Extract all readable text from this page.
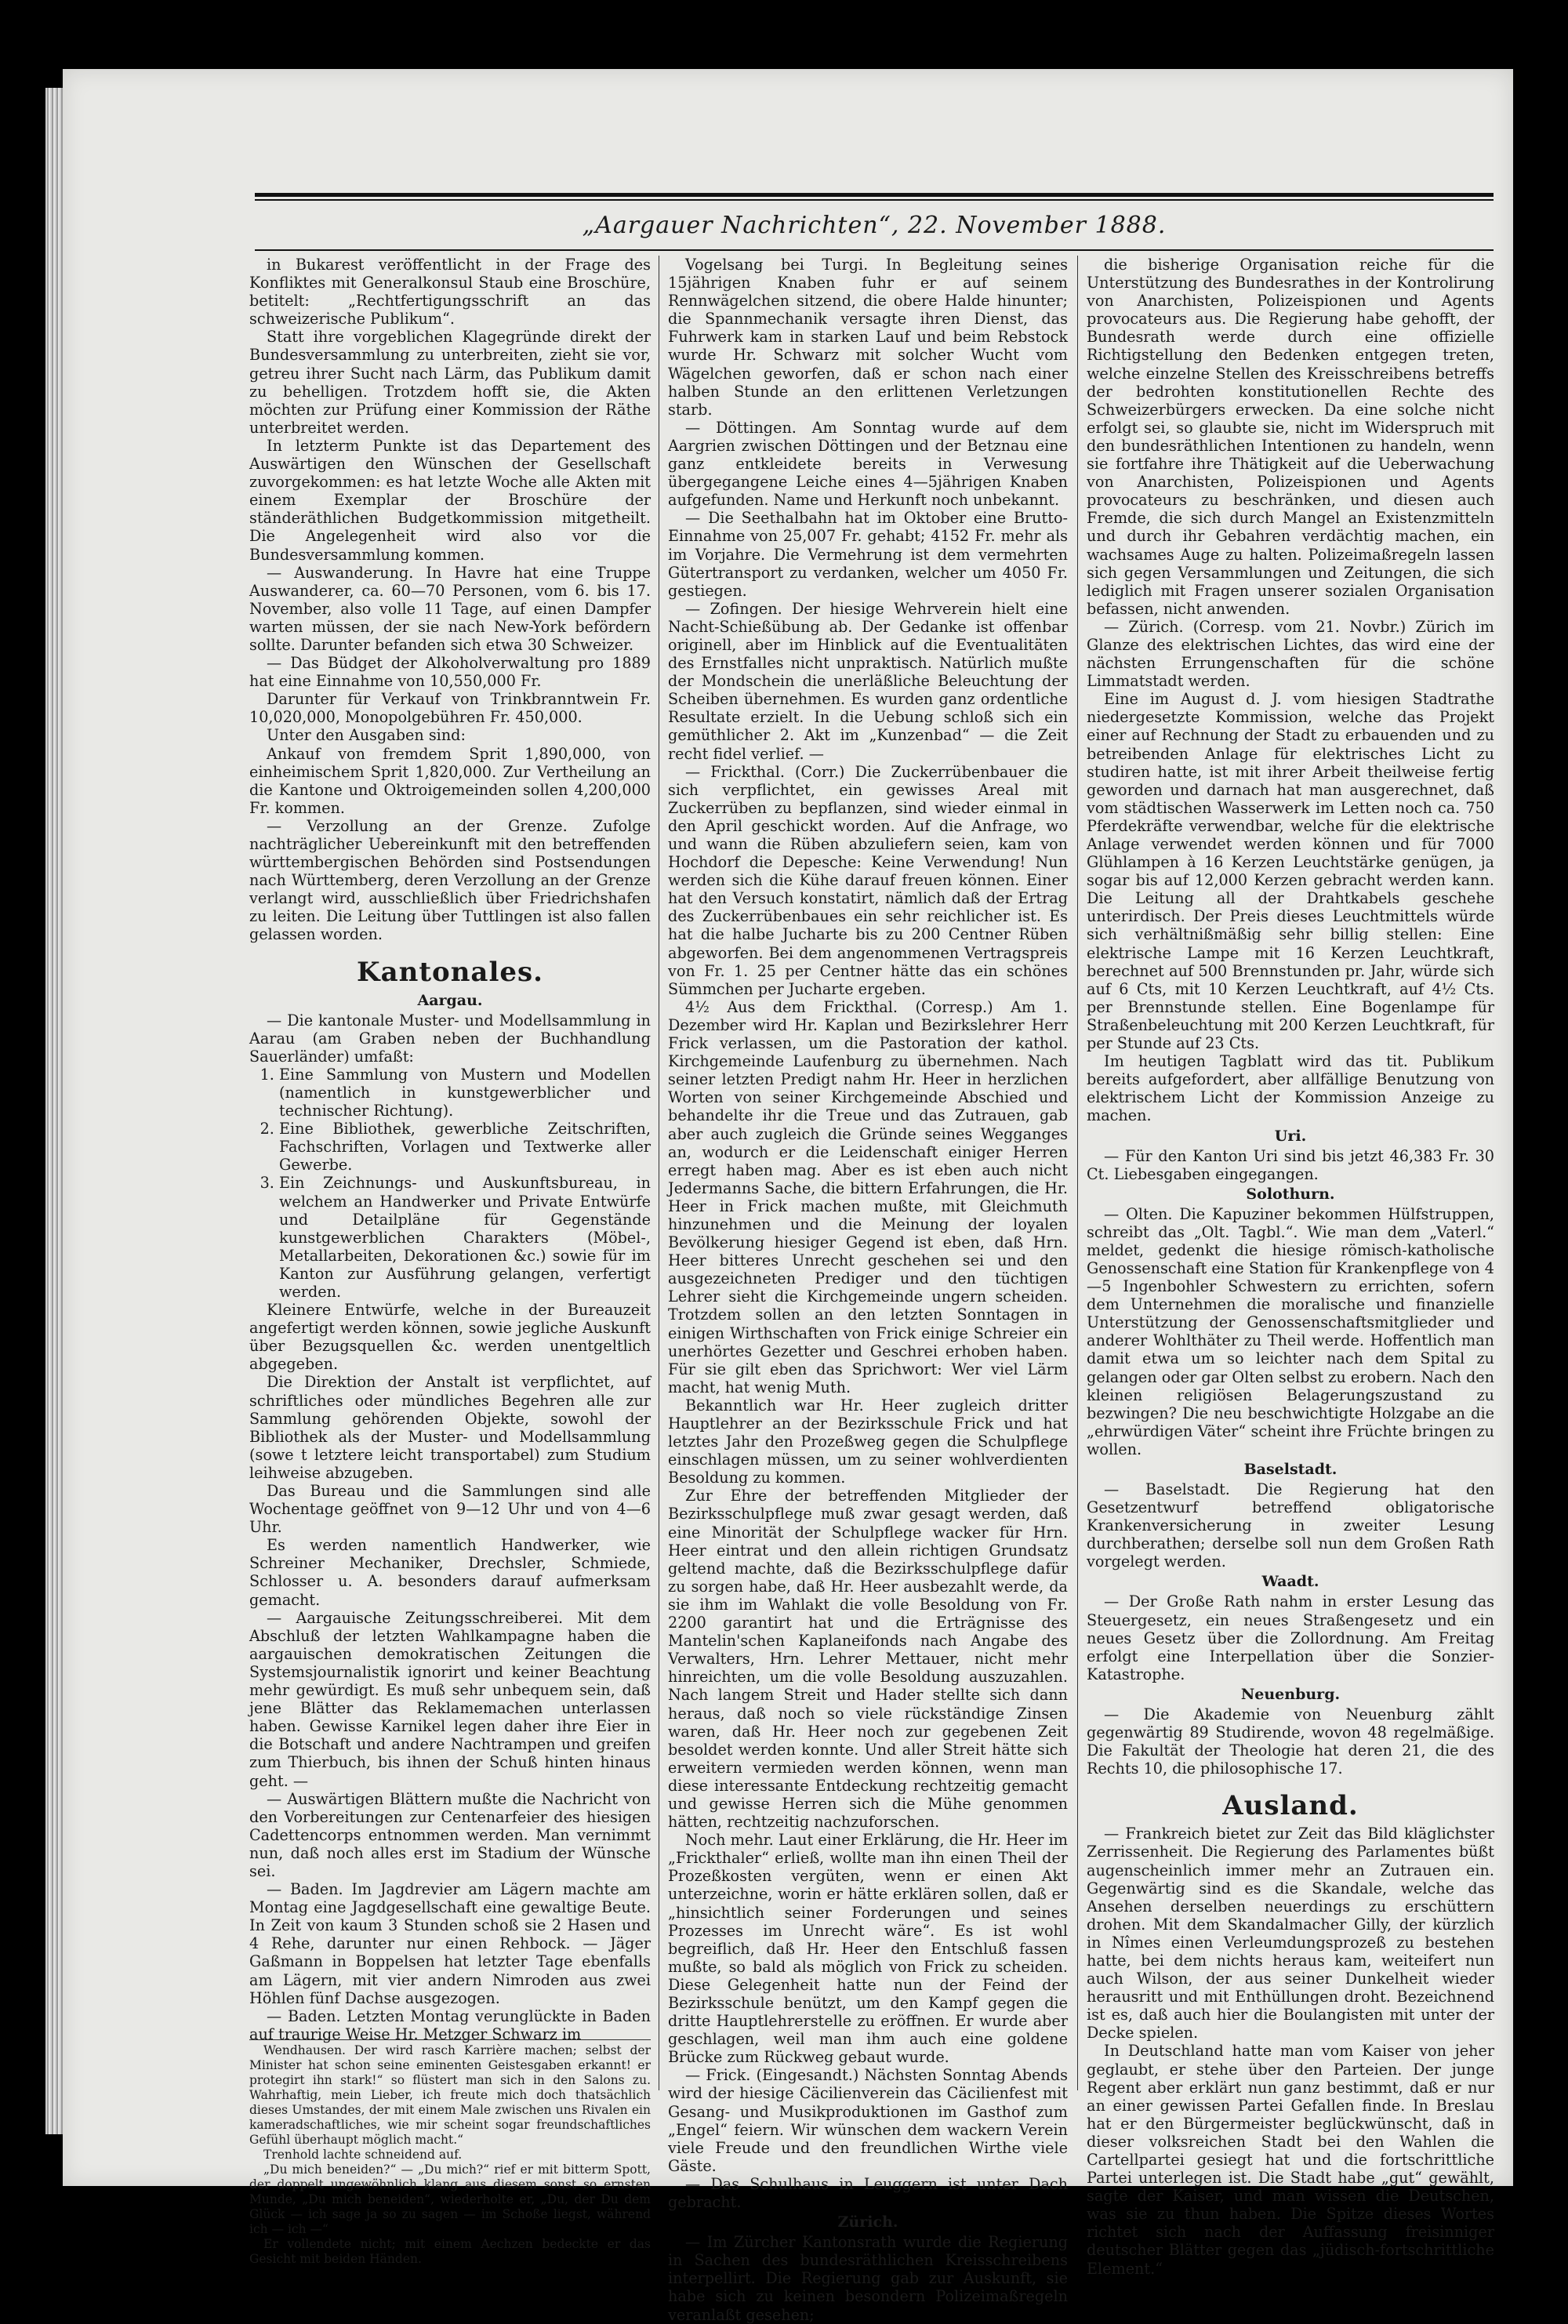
„Aargauer Nachrichten“, 22. November 1888.

in Bukarest veröffentlicht in der Frage des Konfliktes mit Generalkonsul Staub eine Broschüre, betitelt: „Rechtfertigungsschrift an das schweizerische Publikum“.

Statt ihre vorgeblichen Klagegründe direkt der Bundesversammlung zu unterbreiten, zieht sie vor, getreu ihrer Sucht nach Lärm, das Publikum damit zu behelligen. Trotzdem hofft sie, die Akten möchten zur Prüfung einer Kommission der Räthe unterbreitet werden.

In letzterm Punkte ist das Departement des Auswärtigen den Wünschen der Gesellschaft zuvorgekommen: es hat letzte Woche alle Akten mit einem Exemplar der Broschüre der ständeräthlichen Budgetkommission mitgetheilt. Die Angelegenheit wird also vor die Bundesversammlung kommen.

— Auswanderung. In Havre hat eine Truppe Auswanderer, ca. 60—70 Personen, vom 6. bis 17. November, also volle 11 Tage, auf einen Dampfer warten müssen, der sie nach New-York befördern sollte. Darunter befanden sich etwa 30 Schweizer.

— Das Büdget der Alkoholverwaltung pro 1889 hat eine Einnahme von 10,550,000 Fr.

Darunter für Verkauf von Trinkbranntwein Fr. 10,020,000, Monopolgebühren Fr. 450,000.

Unter den Ausgaben sind:

Ankauf von fremdem Sprit 1,890,000, von einheimischem Sprit 1,820,000. Zur Vertheilung an die Kantone und Oktroigemeinden sollen 4,200,000 Fr. kommen.

— Verzollung an der Grenze. Zufolge nachträglicher Uebereinkunft mit den betreffenden württembergischen Behörden sind Postsendungen nach Württemberg, deren Verzollung an der Grenze verlangt wird, ausschließlich über Friedrichshafen zu leiten. Die Leitung über Tuttlingen ist also fallen gelassen worden.

Kantonales.
Aargau.

— Die kantonale Muster- und Modellsammlung in Aarau (am Graben neben der Buchhandlung Sauerländer) umfaßt:

1. Eine Sammlung von Mustern und Modellen (namentlich in kunstgewerblicher und technischer Richtung).
2. Eine Bibliothek, gewerbliche Zeitschriften, Fachschriften, Vorlagen und Textwerke aller Gewerbe.
3. Ein Zeichnungs- und Auskunftsbureau, in welchem an Handwerker und Private Entwürfe und Detailpläne für Gegenstände kunstgewerblichen Charakters (Möbel-, Metallarbeiten, Dekorationen &c.) sowie für im Kanton zur Ausführung gelangen, verfertigt werden.

Kleinere Entwürfe, welche in der Bureauzeit angefertigt werden können, sowie jegliche Auskunft über Bezugsquellen &c. werden unentgeltlich abgegeben.

Die Direktion der Anstalt ist verpflichtet, auf schriftliches oder mündliches Begehren alle zur Sammlung gehörenden Objekte, sowohl der Bibliothek als der Muster- und Modellsammlung (sowe t letztere leicht transportabel) zum Studium leihweise abzugeben.

Das Bureau und die Sammlungen sind alle Wochentage geöffnet von 9—12 Uhr und von 4—6 Uhr.

Es werden namentlich Handwerker, wie Schreiner Mechaniker, Drechsler, Schmiede, Schlosser u. A. besonders darauf aufmerksam gemacht.

— Aargauische Zeitungsschreiberei. Mit dem Abschluß der letzten Wahlkampagne haben die aargauischen demokratischen Zeitungen die Systemsjournalistik ignorirt und keiner Beachtung mehr gewürdigt. Es muß sehr unbequem sein, daß jene Blätter das Reklamemachen unterlassen haben. Gewisse Karnikel legen daher ihre Eier in die Botschaft und andere Nachtrampen und greifen zum Thierbuch, bis ihnen der Schuß hinten hinaus geht. —

— Auswärtigen Blättern mußte die Nachricht von den Vorbereitungen zur Centenarfeier des hiesigen Cadettencorps entnommen werden. Man vernimmt nun, daß noch alles erst im Stadium der Wünsche sei.

— Baden. Im Jagdrevier am Lägern machte am Montag eine Jagdgesellschaft eine gewaltige Beute. In Zeit von kaum 3 Stunden schoß sie 2 Hasen und 4 Rehe, darunter nur einen Rehbock. — Jäger Gaßmann in Boppelsen hat letzter Tage ebenfalls am Lägern, mit vier andern Nimroden aus zwei Höhlen fünf Dachse ausgezogen.

— Baden. Letzten Montag verunglückte in Baden auf traurige Weise Hr. Metzger Schwarz im

Wendhausen. Der wird rasch Karrière machen; selbst der Minister hat schon seine eminenten Geistesgaben erkannt! er protegirt ihn stark!“ so flüstert man sich in den Salons zu. Wahrhaftig, mein Lieber, ich freute mich doch thatsächlich dieses Umstandes, der mit einem Male zwischen uns Rivalen ein kameradschaftliches, wie mir scheint sogar freundschaftliches Gefühl überhaupt möglich macht.“

Trenhold lachte schneidend auf.

„Du mich beneiden?“ — „Du mich?“ rief er mit bitterm Spott, der doppelt ungewöhnlich klang aus diesem sonst so ernsten Munde, „Du mich beneiden“, wiederholte er, „Du, der Du dem Glück — ich sage ja so zu sagen — im Schoße liegst, während ich — ich —“

Er vollendete nicht; mit einem Aechzen bedeckte er das Gesicht mit beiden Händen.

Vogelsang bei Turgi. In Begleitung seines 15jährigen Knaben fuhr er auf seinem Rennwägelchen sitzend, die obere Halde hinunter; die Spannmechanik versagte ihren Dienst, das Fuhrwerk kam in starken Lauf und beim Rebstock wurde Hr. Schwarz mit solcher Wucht vom Wägelchen geworfen, daß er schon nach einer halben Stunde an den erlittenen Verletzungen starb.

— Döttingen. Am Sonntag wurde auf dem Aargrien zwischen Döttingen und der Betznau eine ganz entkleidete bereits in Verwesung übergegangene Leiche eines 4—5jährigen Knaben aufgefunden. Name und Herkunft noch unbekannt.

— Die Seethalbahn hat im Oktober eine Brutto-Einnahme von 25,007 Fr. gehabt; 4152 Fr. mehr als im Vorjahre. Die Vermehrung ist dem vermehrten Gütertransport zu verdanken, welcher um 4050 Fr. gestiegen.

— Zofingen. Der hiesige Wehrverein hielt eine Nacht-Schießübung ab. Der Gedanke ist offenbar originell, aber im Hinblick auf die Eventualitäten des Ernstfalles nicht unpraktisch. Natürlich mußte der Mondschein die unerläßliche Beleuchtung der Scheiben übernehmen. Es wurden ganz ordentliche Resultate erzielt. In die Uebung schloß sich ein gemüthlicher 2. Akt im „Kunzenbad“ — die Zeit recht fidel verlief. —

— Frickthal. (Corr.) Die Zuckerrübenbauer die sich verpflichtet, ein gewisses Areal mit Zuckerrüben zu bepflanzen, sind wieder einmal in den April geschickt worden. Auf die Anfrage, wo und wann die Rüben abzuliefern seien, kam von Hochdorf die Depesche: Keine Verwendung! Nun werden sich die Kühe darauf freuen können. Einer hat den Versuch konstatirt, nämlich daß der Ertrag des Zuckerrübenbaues ein sehr reichlicher ist. Es hat die halbe Jucharte bis zu 200 Centner Rüben abgeworfen. Bei dem angenommenen Vertragspreis von Fr. 1. 25 per Centner hätte das ein schönes Sümmchen per Jucharte ergeben.

4½ Aus dem Frickthal. (Corresp.) Am 1. Dezember wird Hr. Kaplan und Bezirkslehrer Herr Frick verlassen, um die Pastoration der kathol. Kirchgemeinde Laufenburg zu übernehmen. Nach seiner letzten Predigt nahm Hr. Heer in herzlichen Worten von seiner Kirchgemeinde Abschied und behandelte ihr die Treue und das Zutrauen, gab aber auch zugleich die Gründe seines Wegganges an, wodurch er die Leidenschaft einiger Herren erregt haben mag. Aber es ist eben auch nicht Jedermanns Sache, die bittern Erfahrungen, die Hr. Heer in Frick machen mußte, mit Gleichmuth hinzunehmen und die Meinung der loyalen Bevölkerung hiesiger Gegend ist eben, daß Hrn. Heer bitteres Unrecht geschehen sei und den ausgezeichneten Prediger und den tüchtigen Lehrer sieht die Kirchgemeinde ungern scheiden. Trotzdem sollen an den letzten Sonntagen in einigen Wirthschaften von Frick einige Schreier ein unerhörtes Gezetter und Geschrei erhoben haben. Für sie gilt eben das Sprichwort: Wer viel Lärm macht, hat wenig Muth.

Bekanntlich war Hr. Heer zugleich dritter Hauptlehrer an der Bezirksschule Frick und hat letztes Jahr den Prozeßweg gegen die Schulpflege einschlagen müssen, um zu seiner wohlverdienten Besoldung zu kommen.

Zur Ehre der betreffenden Mitglieder der Bezirksschulpflege muß zwar gesagt werden, daß eine Minorität der Schulpflege wacker für Hrn. Heer eintrat und den allein richtigen Grundsatz geltend machte, daß die Bezirksschulpflege dafür zu sorgen habe, daß Hr. Heer ausbezahlt werde, da sie ihm im Wahlakt die volle Besoldung von Fr. 2200 garantirt hat und die Erträgnisse des Mantelin'schen Kaplaneifonds nach Angabe des Verwalters, Hrn. Lehrer Mettauer, nicht mehr hinreichten, um die volle Besoldung auszuzahlen. Nach langem Streit und Hader stellte sich dann heraus, daß noch so viele rückständige Zinsen waren, daß Hr. Heer noch zur gegebenen Zeit besoldet werden konnte. Und aller Streit hätte sich erweitern vermieden werden können, wenn man diese interessante Entdeckung rechtzeitig gemacht und gewisse Herren sich die Mühe genommen hätten, rechtzeitig nachzuforschen.

Noch mehr. Laut einer Erklärung, die Hr. Heer im „Frickthaler“ erließ, wollte man ihn einen Theil der Prozeßkosten vergüten, wenn er einen Akt unterzeichne, worin er hätte erklären sollen, daß er „hinsichtlich seiner Forderungen und seines Prozesses im Unrecht wäre“. Es ist wohl begreiflich, daß Hr. Heer den Entschluß fassen mußte, so bald als möglich von Frick zu scheiden. Diese Gelegenheit hatte nun der Feind der Bezirksschule benützt, um den Kampf gegen die dritte Hauptlehrerstelle zu eröffnen. Er wurde aber geschlagen, weil man ihm auch eine goldene Brücke zum Rückweg gebaut wurde.

— Frick. (Eingesandt.) Nächsten Sonntag Abends wird der hiesige Cäcilienverein das Cäcilienfest mit Gesang- und Musikproduktionen im Gasthof zum „Engel“ feiern. Wir wünschen dem wackern Verein viele Freude und den freundlichen Wirthe viele Gäste.

— Das Schulhaus in Leuggern ist unter Dach gebracht.

Zürich.

— Im Zürcher Kantonsrath wurde die Regierung in Sachen des bundesräthlichen Kreisschreibens interpellirt. Die Regierung gab zur Auskunft, sie habe sich zu keinen besondern Polizeimaßregeln veranlaßt gesehen;

die bisherige Organisation reiche für die Unterstützung des Bundesrathes in der Kontrolirung von Anarchisten, Polizeispionen und Agents provocateurs aus. Die Regierung habe gehofft, der Bundesrath werde durch eine offizielle Richtigstellung den Bedenken entgegen treten, welche einzelne Stellen des Kreisschreibens betreffs der bedrohten konstitutionellen Rechte des Schweizerbürgers erwecken. Da eine solche nicht erfolgt sei, so glaubte sie, nicht im Widerspruch mit den bundesräthlichen Intentionen zu handeln, wenn sie fortfahre ihre Thätigkeit auf die Ueberwachung von Anarchisten, Polizeispionen und Agents provocateurs zu beschränken, und diesen auch Fremde, die sich durch Mangel an Existenzmitteln und durch ihr Gebahren verdächtig machen, ein wachsames Auge zu halten. Polizeimaßregeln lassen sich gegen Versammlungen und Zeitungen, die sich lediglich mit Fragen unserer sozialen Organisation befassen, nicht anwenden.

— Zürich. (Corresp. vom 21. Novbr.) Zürich im Glanze des elektrischen Lichtes, das wird eine der nächsten Errungenschaften für die schöne Limmatstadt werden.

Eine im August d. J. vom hiesigen Stadtrathe niedergesetzte Kommission, welche das Projekt einer auf Rechnung der Stadt zu erbauenden und zu betreibenden Anlage für elektrisches Licht zu studiren hatte, ist mit ihrer Arbeit theilweise fertig geworden und darnach hat man ausgerechnet, daß vom städtischen Wasserwerk im Letten noch ca. 750 Pferdekräfte verwendbar, welche für die elektrische Anlage verwendet werden können und für 7000 Glühlampen à 16 Kerzen Leuchtstärke genügen, ja sogar bis auf 12,000 Kerzen gebracht werden kann. Die Leitung all der Drahtkabels geschehe unterirdisch. Der Preis dieses Leuchtmittels würde sich verhältnißmäßig sehr billig stellen: Eine elektrische Lampe mit 16 Kerzen Leuchtkraft, berechnet auf 500 Brennstunden pr. Jahr, würde sich auf 6 Cts, mit 10 Kerzen Leuchtkraft, auf 4½ Cts. per Brennstunde stellen. Eine Bogenlampe für Straßenbeleuchtung mit 200 Kerzen Leuchtkraft, für per Stunde auf 23 Cts.

Im heutigen Tagblatt wird das tit. Publikum bereits aufgefordert, aber allfällige Benutzung von elektrischem Licht der Kommission Anzeige zu machen.

Uri.

— Für den Kanton Uri sind bis jetzt 46,383 Fr. 30 Ct. Liebesgaben eingegangen.

Solothurn.

— Olten. Die Kapuziner bekommen Hülfstruppen, schreibt das „Olt. Tagbl.“. Wie man dem „Vaterl.“ meldet, gedenkt die hiesige römisch-katholische Genossenschaft eine Station für Krankenpflege von 4—5 Ingenbohler Schwestern zu errichten, sofern dem Unternehmen die moralische und finanzielle Unterstützung der Genossenschaftsmitglieder und anderer Wohlthäter zu Theil werde. Hoffentlich man damit etwa um so leichter nach dem Spital zu gelangen oder gar Olten selbst zu erobern. Nach den kleinen religiösen Belagerungszustand zu bezwingen? Die neu beschwichtigte Holzgabe an die „ehrwürdigen Väter“ scheint ihre Früchte bringen zu wollen.

Baselstadt.

— Baselstadt. Die Regierung hat den Gesetzentwurf betreffend obligatorische Krankenversicherung in zweiter Lesung durchberathen; derselbe soll nun dem Großen Rath vorgelegt werden.

Waadt.

— Der Große Rath nahm in erster Lesung das Steuergesetz, ein neues Straßengesetz und ein neues Gesetz über die Zollordnung. Am Freitag erfolgt eine Interpellation über die Sonzier-Katastrophe.

Neuenburg.

— Die Akademie von Neuenburg zählt gegenwärtig 89 Studirende, wovon 48 regelmäßige. Die Fakultät der Theologie hat deren 21, die des Rechts 10, die philosophische 17.

Ausland.

— Frankreich bietet zur Zeit das Bild kläglichster Zerrissenheit. Die Regierung des Parlamentes büßt augenscheinlich immer mehr an Zutrauen ein. Gegenwärtig sind es die Skandale, welche das Ansehen derselben neuerdings zu erschüttern drohen. Mit dem Skandalmacher Gilly, der kürzlich in Nîmes einen Verleumdungsprozeß zu bestehen hatte, bei dem nichts heraus kam, weiteifert nun auch Wilson, der aus seiner Dunkelheit wieder herausritt und mit Enthüllungen droht. Bezeichnend ist es, daß auch hier die Boulangisten mit unter der Decke spielen.

In Deutschland hatte man vom Kaiser von jeher geglaubt, er stehe über den Parteien. Der junge Regent aber erklärt nun ganz bestimmt, daß er nur an einer gewissen Partei Gefallen finde. In Breslau hat er den Bürgermeister beglückwünscht, daß in dieser volksreichen Stadt bei den Wahlen die Cartellpartei gesiegt hat und die fortschrittliche Partei unterlegen ist. Die Stadt habe „gut“ gewählt, sagte der Kaiser, und man wissen die Deutschen, was sie zu thun haben. Die Spitze dieses Wortes richtet sich nach der Auffassung freisinniger deutscher Blätter gegen das „jüdisch-fortschrittliche Element.“
